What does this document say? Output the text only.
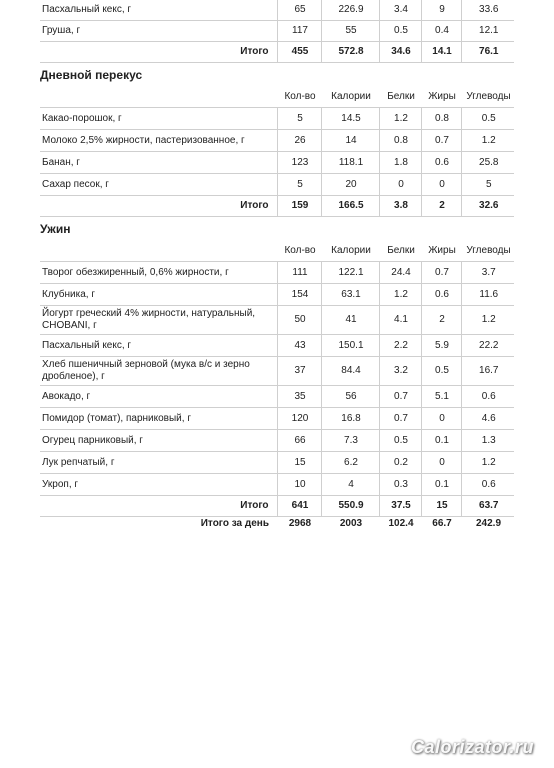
Пасхальный кекс, г	65	226.9	3.4	9	33.6
Груша, г	117	55	0.5	0.4	12.1
Итого	455	572.8	34.6	14.1	76.1
Дневной перекус
	Кол-во	Калории	Белки	Жиры	Углеводы
Какао-порошок, г	5	14.5	1.2	0.8	0.5
Молоко 2,5% жирности, пастеризованное, г	26	14	0.8	0.7	1.2
Банан, г	123	118.1	1.8	0.6	25.8
Сахар песок, г	5	20	0	0	5
Итого	159	166.5	3.8	2	32.6
Ужин
	Кол-во	Калории	Белки	Жиры	Углеводы
Творог обезжиренный, 0,6% жирности, г	111	122.1	24.4	0.7	3.7
Клубника, г	154	63.1	1.2	0.6	11.6
Йогурт греческий 4% жирности, натуральный, CHOBANI, г	50	41	4.1	2	1.2
Пасхальный кекс, г	43	150.1	2.2	5.9	22.2
Хлеб пшеничный зерновой (мука в/с и зерно дробленое), г	37	84.4	3.2	0.5	16.7
Авокадо, г	35	56	0.7	5.1	0.6
Помидор (томат), парниковый, г	120	16.8	0.7	0	4.6
Огурец парниковый, г	66	7.3	0.5	0.1	1.3
Лук репчатый, г	15	6.2	0.2	0	1.2
Укроп, г	10	4	0.3	0.1	0.6
Итого	641	550.9	37.5	15	63.7
Итого за день	2968	2003	102.4	66.7	242.9
Calorizator.ru
